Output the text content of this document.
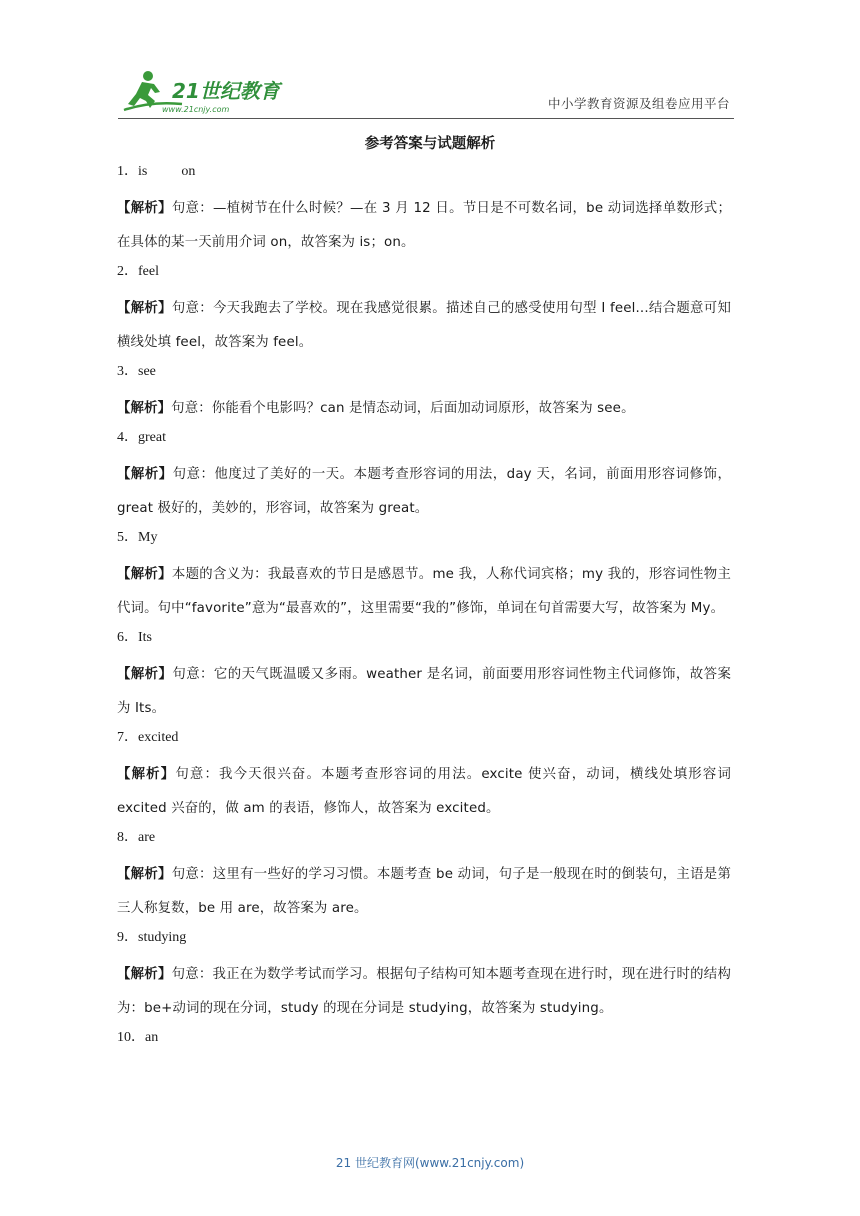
21世纪教育
www.21cnjy.com	中小学教育资源及组卷应用平台
参考答案与试题解析
1．is on

【解析】句意：—植树节在什么时候？—在 3 月 12 日。节日是不可数名词，be 动词选择单数形式；在具体的某一天前用介词 on，故答案为 is；on。

2．feel

【解析】句意：今天我跑去了学校。现在我感觉很累。描述自己的感受使用句型 I feel...结合题意可知横线处填 feel，故答案为 feel。

3．see

【解析】句意：你能看个电影吗？can 是情态动词，后面加动词原形，故答案为 see。

4．great

【解析】句意：他度过了美好的一天。本题考查形容词的用法，day 天，名词，前面用形容词修饰，great 极好的，美妙的，形容词，故答案为 great。

5．My

【解析】本题的含义为：我最喜欢的节日是感恩节。me 我，人称代词宾格；my 我的，形容词性物主代词。句中“favorite”意为“最喜欢的”，这里需要“我的”修饰，单词在句首需要大写，故答案为 My。

6．Its

【解析】句意：它的天气既温暖又多雨。weather 是名词，前面要用形容词性物主代词修饰，故答案为 Its。

7．excited

【解析】句意：我今天很兴奋。本题考查形容词的用法。excite 使兴奋，动词，横线处填形容词 excited 兴奋的，做 am 的表语，修饰人，故答案为 excited。

8．are

【解析】句意：这里有一些好的学习习惯。本题考查 be 动词，句子是一般现在时的倒装句，主语是第三人称复数，be 用 are，故答案为 are。

9．studying

【解析】句意：我正在为数学考试而学习。根据句子结构可知本题考查现在进行时，现在进行时的结构为：be+动词的现在分词，study 的现在分词是 studying，故答案为 studying。

10．an
21 世纪教育网(www.21cnjy.com)
